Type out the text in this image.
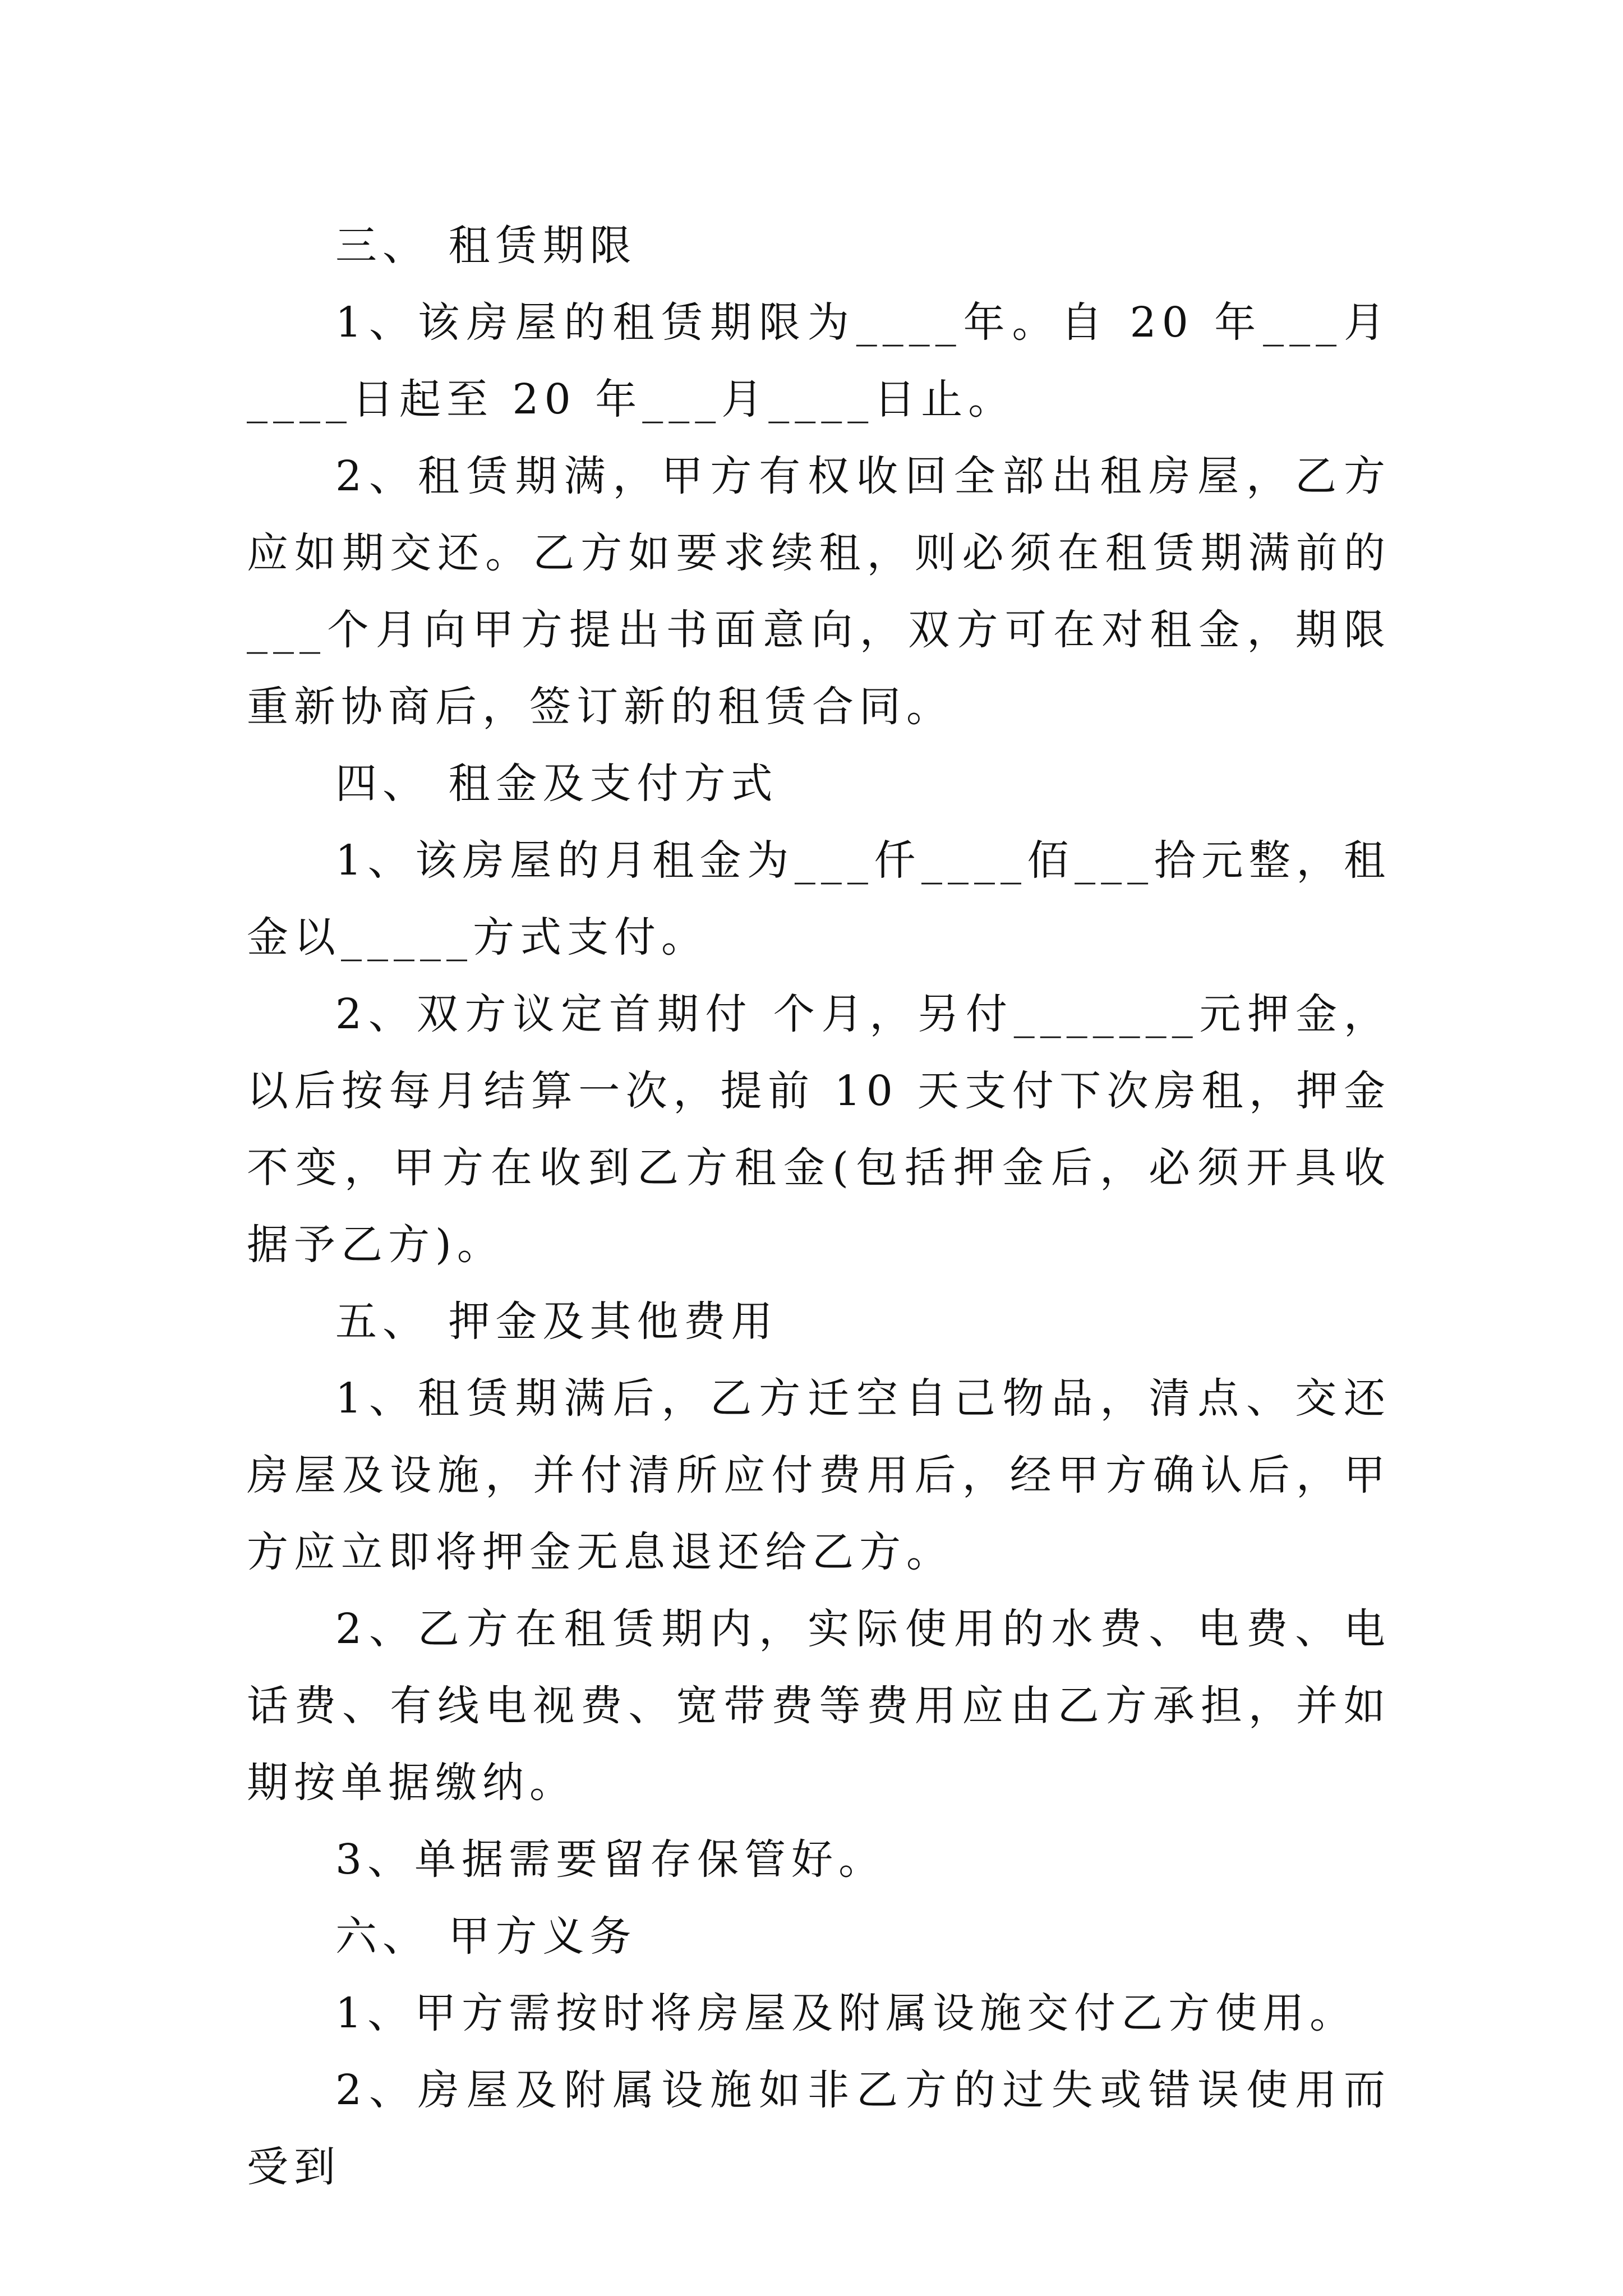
三、 租赁期限

1、该房屋的租赁期限为____年。自 20 年___月____日起至 20 年___月____日止。

2、租赁期满，甲方有权收回全部出租房屋，乙方应如期交还。乙方如要求续租，则必须在租赁期满前的___个月向甲方提出书面意向，双方可在对租金，期限重新协商后，签订新的租赁合同。

四、 租金及支付方式

1、该房屋的月租金为___仟____佰___拾元整，租金以_____方式支付。

2、双方议定首期付 个月，另付_______元押金，以后按每月结算一次，提前 10 天支付下次房租，押金不变，甲方在收到乙方租金(包括押金后，必须开具收据予乙方)。

五、 押金及其他费用

1、租赁期满后，乙方迁空自己物品，清点、交还房屋及设施，并付清所应付费用后，经甲方确认后，甲方应立即将押金无息退还给乙方。

2、乙方在租赁期内，实际使用的水费、电费、电话费、有线电视费、宽带费等费用应由乙方承担，并如期按单据缴纳。

3、单据需要留存保管好。

六、 甲方义务

1、甲方需按时将房屋及附属设施交付乙方使用。

2、房屋及附属设施如非乙方的过失或错误使用而受到
